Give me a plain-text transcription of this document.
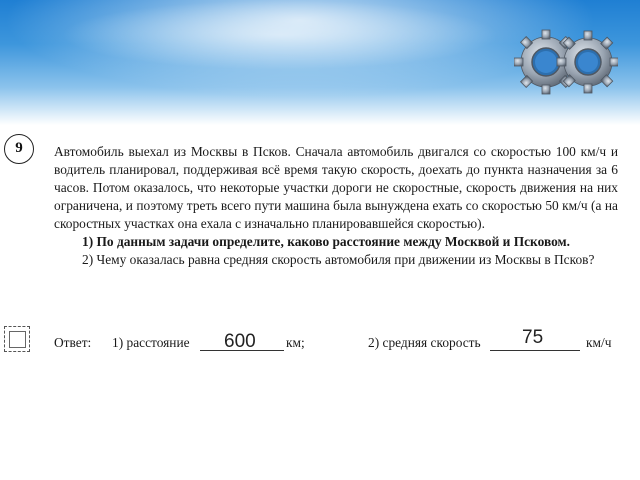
9	Автомобиль выехал из Москвы в Псков. Сначала автомобиль двигался со скоростью 100 км/ч и водитель планировал, поддерживая всё время такую скорость, доехать до пункта назначения за 6 часов. Потом оказалось, что некоторые участки дороги не скоростные, скорость движения на них ограничена, и поэтому треть всего пути машина была вынуждена ехать со скоростью 50 км/ч (а на скоростных участках она ехала с изначально планировавшейся скоростью).

1) По данным задачи определите, каково расстояние между Москвой и Псковом.

2) Чему оказалась равна средняя скорость автомобиля при движении из Москвы в Псков?

Ответ: 1) расстояние	км;	2) средняя скорость	км/ч
600	75
